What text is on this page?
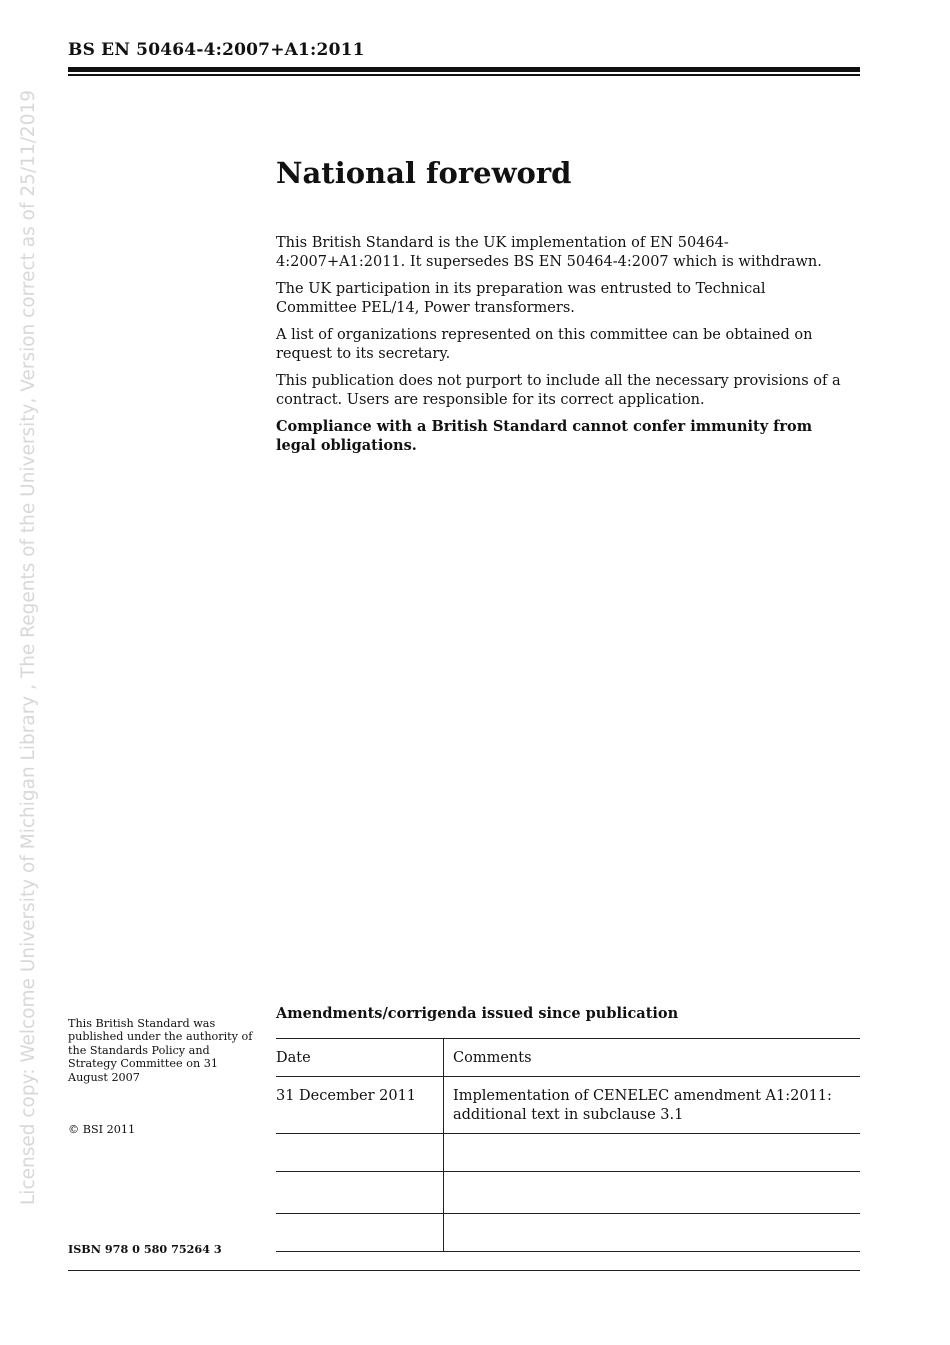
BS EN 50464-4:2007+A1:2011
Licensed copy: Welcome University of Michigan Library , The Regents of the University, Version correct as of 25/11/2019	National foreword

This British Standard is the UK implementation of EN 50464-4:2007+A1:2011. It supersedes BS EN 50464-4:2007 which is withdrawn.

The UK participation in its preparation was entrusted to Technical Committee PEL/14, Power transformers.

A list of organizations represented on this committee can be obtained on request to its secretary.

This publication does not purport to include all the necessary provisions of a contract. Users are responsible for its correct application.

Compliance with a British Standard cannot confer immunity from legal obligations.

This British Standard was published under the authority of the Standards Policy and Strategy Committee on 31 August 2007
© BSI 2011
ISBN 978 0 580 75264 3
Amendments/corrigenda issued since publication
Date	Comments

31 December 2011	Implementation of CENELEC amendment A1:2011: additional text in subclause 3.1
